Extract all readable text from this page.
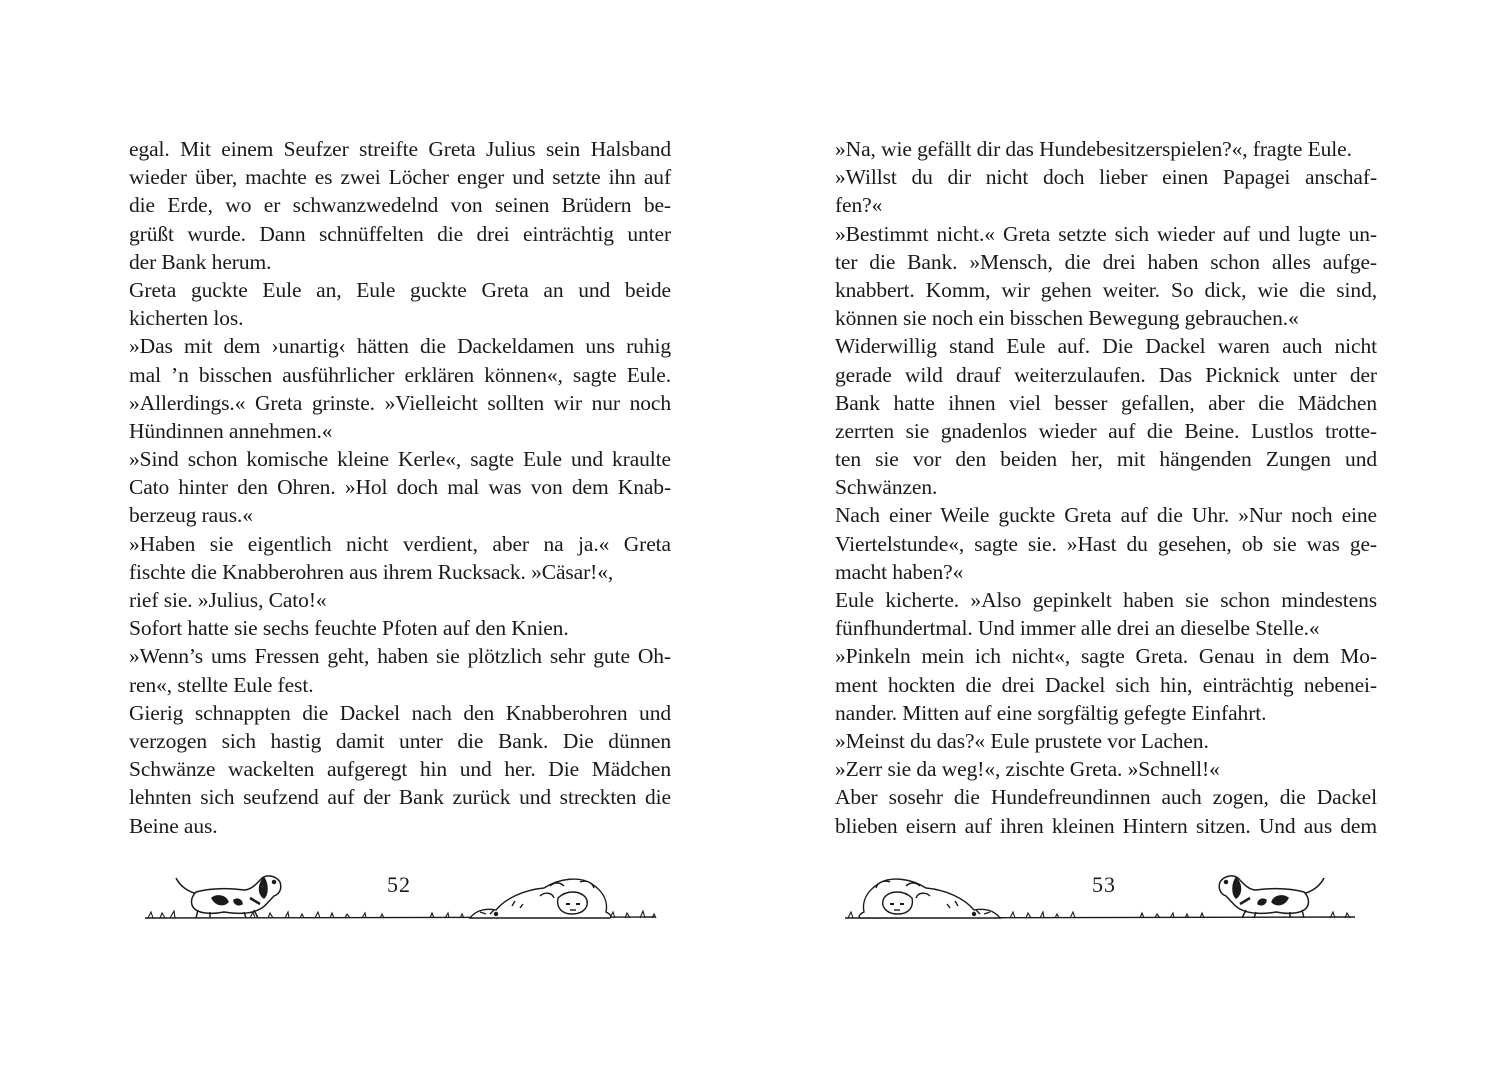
egal. Mit einem Seufzer streifte Greta Julius sein Halsband
wieder über, machte es zwei Löcher enger und setzte ihn auf
die Erde, wo er schwanzwedelnd von seinen Brüdern be-
grüßt wurde. Dann schnüffelten die drei einträchtig unter
der Bank herum.
Greta guckte Eule an, Eule guckte Greta an und beide
kicherten los.
»Das mit dem ›unartig‹ hätten die Dackeldamen uns ruhig
mal ’n bisschen ausführlicher erklären können«, sagte Eule.
»Allerdings.« Greta grinste. »Vielleicht sollten wir nur noch
Hündinnen annehmen.«
»Sind schon komische kleine Kerle«, sagte Eule und kraulte
Cato hinter den Ohren. »Hol doch mal was von dem Knab-
berzeug raus.«
»Haben sie eigentlich nicht verdient, aber na ja.« Greta
fischte die Knabberohren aus ihrem Rucksack. »Cäsar!«,
rief sie. »Julius, Cato!«
Sofort hatte sie sechs feuchte Pfoten auf den Knien.
»Wenn’s ums Fressen geht, haben sie plötzlich sehr gute Oh-
ren«, stellte Eule fest.
Gierig schnappten die Dackel nach den Knabberohren und
verzogen sich hastig damit unter die Bank. Die dünnen
Schwänze wackelten aufgeregt hin und her. Die Mädchen
lehnten sich seufzend auf der Bank zurück und streckten die
Beine aus.
»Na, wie gefällt dir das Hundebesitzerspielen?«, fragte Eule.
»Willst du dir nicht doch lieber einen Papagei anschaf-
fen?«
»Bestimmt nicht.« Greta setzte sich wieder auf und lugte un-
ter die Bank. »Mensch, die drei haben schon alles aufge-
knabbert. Komm, wir gehen weiter. So dick, wie die sind,
können sie noch ein bisschen Bewegung gebrauchen.«
Widerwillig stand Eule auf. Die Dackel waren auch nicht
gerade wild drauf weiterzulaufen. Das Picknick unter der
Bank hatte ihnen viel besser gefallen, aber die Mädchen
zerrten sie gnadenlos wieder auf die Beine. Lustlos trotte-
ten sie vor den beiden her, mit hängenden Zungen und
Schwänzen.
Nach einer Weile guckte Greta auf die Uhr. »Nur noch eine
Viertelstunde«, sagte sie. »Hast du gesehen, ob sie was ge-
macht haben?«
Eule kicherte. »Also gepinkelt haben sie schon mindestens
fünfhundertmal. Und immer alle drei an dieselbe Stelle.«
»Pinkeln mein ich nicht«, sagte Greta. Genau in dem Mo-
ment hockten die drei Dackel sich hin, einträchtig nebenei-
nander. Mitten auf eine sorgfältig gefegte Einfahrt.
»Meinst du das?« Eule prustete vor Lachen.
»Zerr sie da weg!«, zischte Greta. »Schnell!«
Aber sosehr die Hundefreundinnen auch zogen, die Dackel
blieben eisern auf ihren kleinen Hintern sitzen. Und aus dem
52	53
